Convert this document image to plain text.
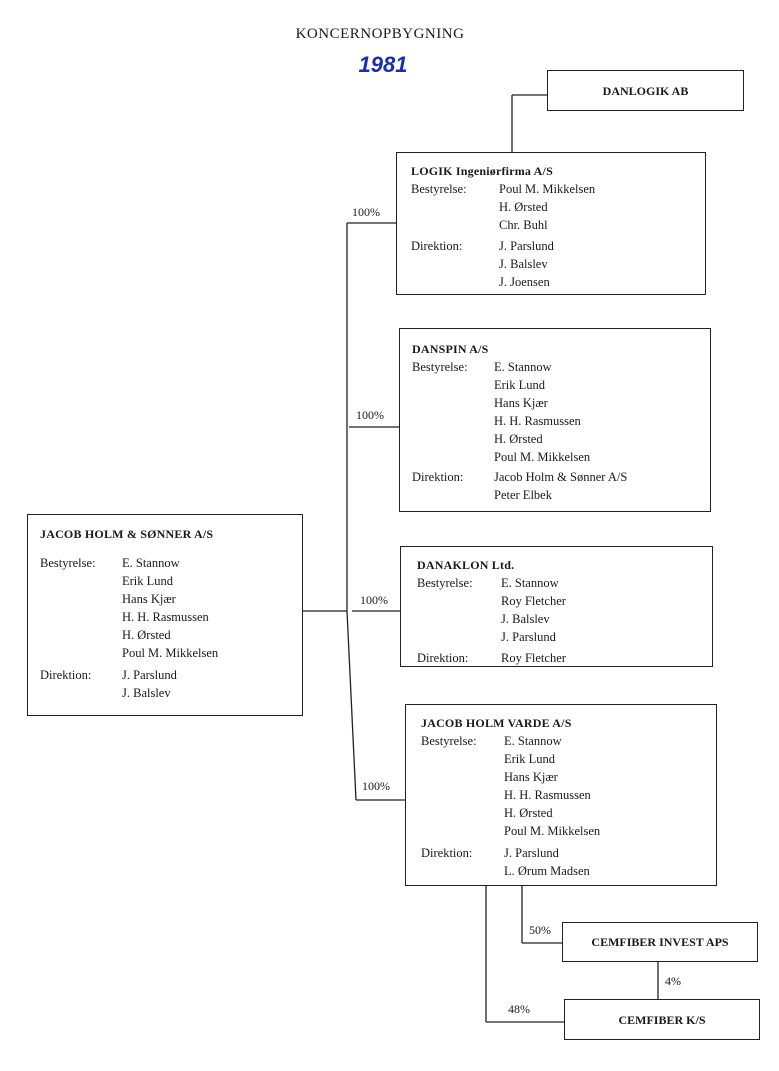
KONCERNOPBYGNING
1981
JACOB HOLM & SØNNER A/S
Bestyrelse:	E. Stannow
Erik Lund
Hans Kjær
H. H. Rasmussen
H. Ørsted
Poul M. Mikkelsen
Direktion:	J. Parslund
J. Balslev
DANLOGIK AB
LOGIK Ingeniørfirma A/S
Bestyrelse:	Poul M. Mikkelsen
H. Ørsted
Chr. Buhl
Direktion:	J. Parslund
J. Balslev
J. Joensen
100%
DANSPIN A/S
Bestyrelse:	E. Stannow
Erik Lund
Hans Kjær
H. H. Rasmussen
H. Ørsted
Poul M. Mikkelsen
Direktion:	Jacob Holm & Sønner A/S
Peter Elbek
100%
DANAKLON Ltd.
Bestyrelse:	E. Stannow
Roy Fletcher
J. Balslev
J. Parslund
Direktion:	Roy Fletcher
100%
JACOB HOLM VARDE A/S
Bestyrelse:	E. Stannow
Erik Lund
Hans Kjær
H. H. Rasmussen
H. Ørsted
Poul M. Mikkelsen
Direktion:	J. Parslund
L. Ørum Madsen
100%
CEMFIBER INVEST APS
50%
CEMFIBER K/S
48%
4%
